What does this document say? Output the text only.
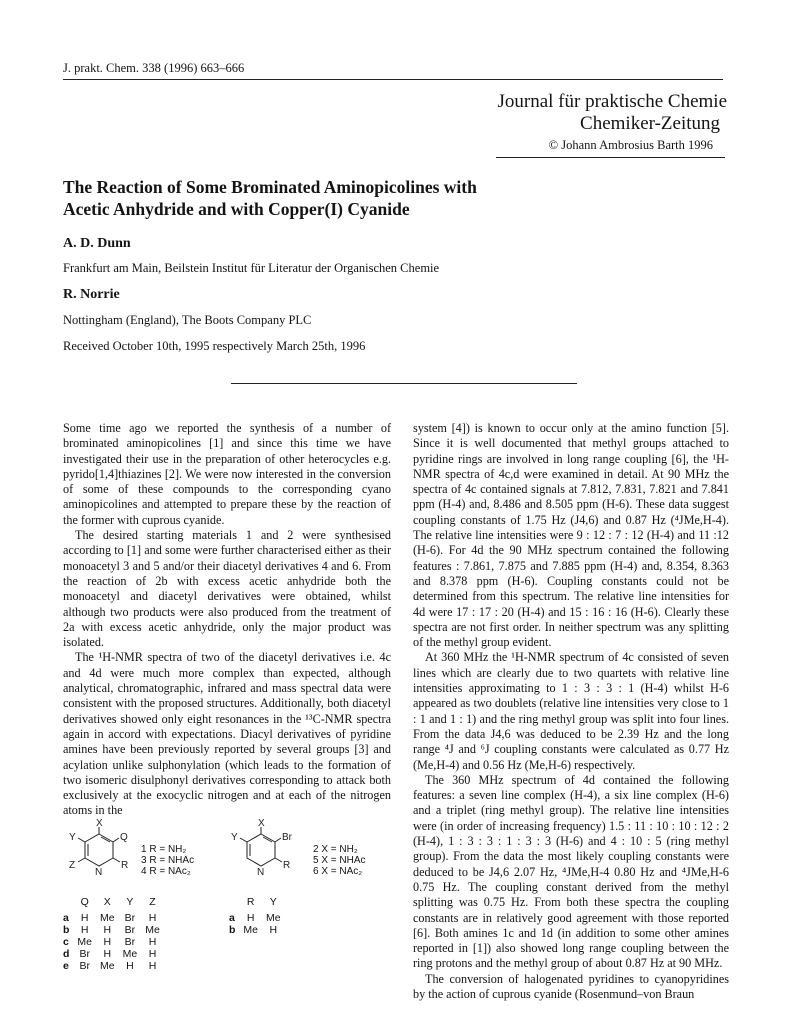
J. prakt. Chem. 338 (1996) 663–666
Journal für praktische Chemie
Chemiker-Zeitung
© Johann Ambrosius Barth 1996
The Reaction of Some Brominated Aminopicolines with
Acetic Anhydride and with Copper(I) Cyanide
A. D. Dunn
Frankfurt am Main, Beilstein Institut für Literatur der Organischen Chemie
R. Norrie
Nottingham (England), The Boots Company PLC
Received October 10th, 1995 respectively March 25th, 1996

Some time ago we reported the synthesis of a number of brominated aminopicolines [1] and since this time we have investigated their use in the preparation of other heterocycles e.g. pyrido[1,4]thiazines [2]. We were now interested in the conversion of some of these compounds to the corresponding cyano aminopicolines and attempted to prepare these by the reaction of the former with cuprous cyanide.

The desired starting materials 1 and 2 were synthesised according to [1] and some were further characterised either as their monoacetyl 3 and 5 and/or their diacetyl derivatives 4 and 6. From the reaction of 2b with excess acetic anhydride both the monoacetyl and diacetyl derivatives were obtained, whilst although two products were also produced from the treatment of 2a with excess acetic anhydride, only the major product was isolated.

The ¹H-NMR spectra of two of the diacetyl derivatives i.e. 4c and 4d were much more complex than expected, although analytical, chromatographic, infrared and mass spectral data were consistent with the proposed structures. Additionally, both diacetyl derivatives showed only eight resonances in the ¹³C-NMR spectra again in accord with expectations. Diacyl derivatives of pyridine amines have been previously reported by several groups [3] and acylation unlike sulphonylation (which leads to the formation of two isomeric disulphonyl derivatives corresponding to attack both exclusively at the exocyclic nitrogen and at each of the nitrogen atoms in the

system [4]) is known to occur only at the amino function [5]. Since it is well documented that methyl groups attached to pyridine rings are involved in long range coupling [6], the ¹H-NMR spectra of 4c,d were examined in detail. At 90 MHz the spectra of 4c contained signals at 7.812, 7.831, 7.821 and 7.841 ppm (H-4) and, 8.486 and 8.505 ppm (H-6). These data suggest coupling constants of 1.75 Hz (J4,6) and 0.87 Hz (⁴JMe,H-4). The relative line intensities were 9 : 12 : 7 : 12 (H-4) and 11 :12 (H-6). For 4d the 90 MHz spectrum contained the following features : 7.861, 7.875 and 7.885 ppm (H-4) and, 8.354, 8.363 and 8.378 ppm (H-6). Coupling constants could not be determined from this spectrum. The relative line intensities for 4d were 17 : 17 : 20 (H-4) and 15 : 16 : 16 (H-6). Clearly these spectra are not first order. In neither spectrum was any splitting of the methyl group evident.

At 360 MHz the ¹H-NMR spectrum of 4c consisted of seven lines which are clearly due to two quartets with relative line intensities approximating to 1 : 3 : 3 : 1 (H-4) whilst H-6 appeared as two doublets (relative line intensities very close to 1 : 1 and 1 : 1) and the ring methyl group was split into four lines. From the data J4,6 was deduced to be 2.39 Hz and the long range ⁴J and ⁶J coupling constants were calculated as 0.77 Hz (Me,H-4) and 0.56 Hz (Me,H-6) respectively.

The 360 MHz spectrum of 4d contained the following features: a seven line complex (H-4), a six line complex (H-6) and a triplet (ring methyl group). The relative line intensities were (in order of increasing frequency) 1.5 : 11 : 10 : 10 : 12 : 2 (H-4), 1 : 3 : 3 : 1 : 3 : 3 (H-6) and 4 : 10 : 5 (ring methyl group). From the data the most likely coupling constants were deduced to be J4,6 2.07 Hz, ⁴JMe,H-4 0.80 Hz and ⁴JMe,H-6 0.75 Hz. The coupling constant derived from the methyl splitting was 0.75 Hz. From both these spectra the coupling constants are in relatively good agreement with those reported [6]. Both amines 1c and 1d (in addition to some other amines reported in [1]) also showed long range coupling between the ring protons and the methyl group of about 0.87 Hz at 90 MHz.

The conversion of halogenated pyridines to cyanopyridines by the action of cuprous cyanide (Rosenmund–von Braun

X
Q
Y
Z
N
R
X
Br
Y
N
R
1 R = NH₂
3 R = NHAc
4 R = NAc₂
2 X = NH₂
5 X = NHAc
6 X = NAc₂
	Q	X	Y	Z
a	H	Me	Br	H
b	H	H	Br	Me
c	Me	H	Br	H
d	Br	H	Me	H
e	Br	Me	H	H
	R	Y
a	H	Me
b	Me	H
